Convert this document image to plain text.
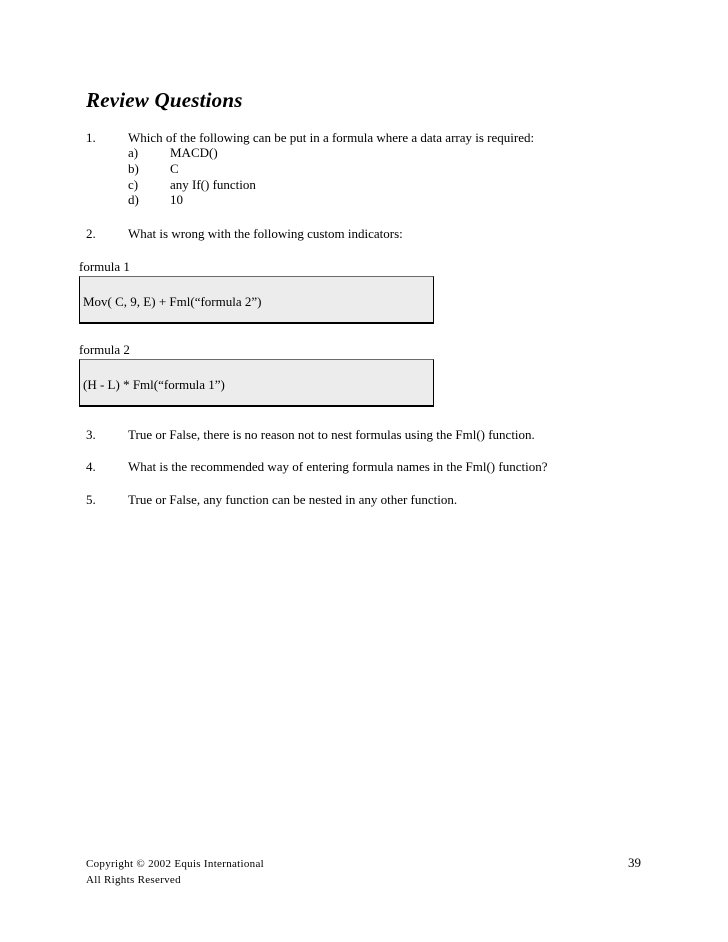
Review Questions
1. Which of the following can be put in a formula where a data array is required:
a) MACD()
b) C
c) any If() function
d) 10
2. What is wrong with the following custom indicators:
formula 1
Mov( C, 9, E) + Fml(“formula 2”)
formula 2
(H - L) * Fml(“formula 1”)
3. True or False, there is no reason not to nest formulas using the Fml() function.
4. What is the recommended way of entering formula names in the Fml() function?
5. True or False, any function can be nested in any other function.
Copyright © 2002 Equis International
All Rights Reserved
39
